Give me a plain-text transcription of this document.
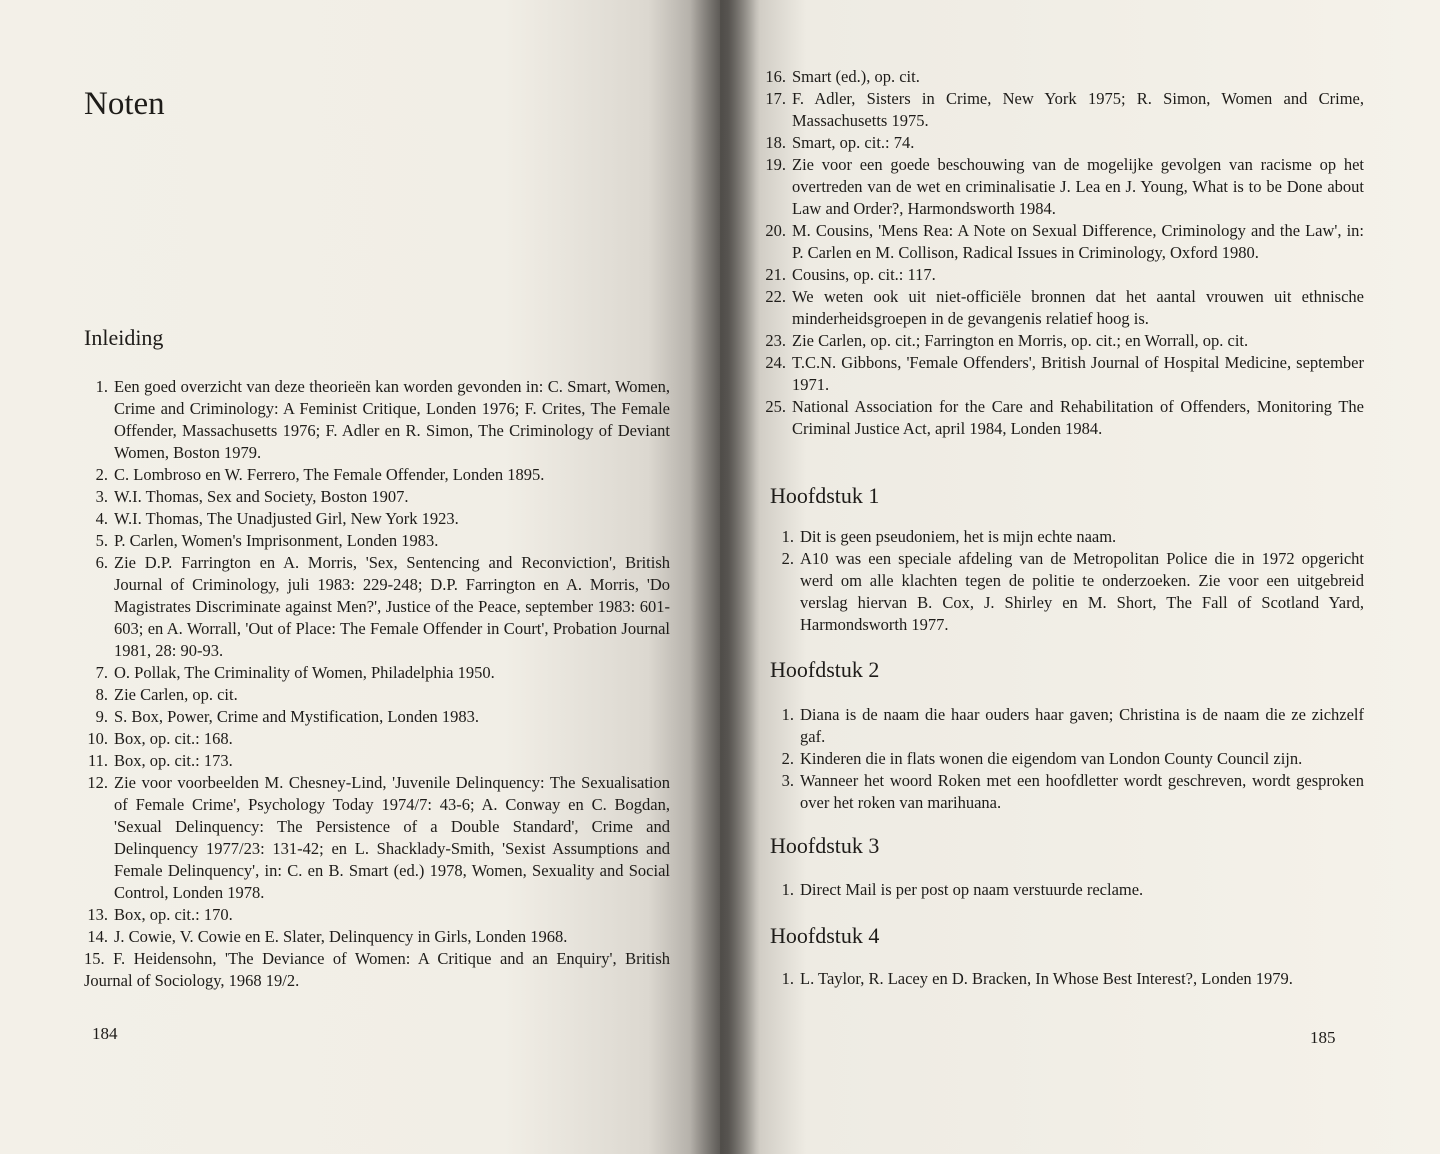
Noten
Inleiding
1. Een goed overzicht van deze theorieën kan worden gevonden in: C. Smart, Women, Crime and Criminology: A Feminist Critique, Londen 1976; F. Crites, The Female Offender, Massachusetts 1976; F. Adler en R. Simon, The Criminology of Deviant Women, Boston 1979.
2. C. Lombroso en W. Ferrero, The Female Offender, Londen 1895.
3. W.I. Thomas, Sex and Society, Boston 1907.
4. W.I. Thomas, The Unadjusted Girl, New York 1923.
5. P. Carlen, Women's Imprisonment, Londen 1983.
6. Zie D.P. Farrington en A. Morris, 'Sex, Sentencing and Reconviction', British Journal of Criminology, juli 1983: 229-248; D.P. Farrington en A. Morris, 'Do Magistrates Discriminate against Men?', Justice of the Peace, september 1983: 601-603; en A. Worrall, 'Out of Place: The Female Offender in Court', Probation Journal 1981, 28: 90-93.
7. O. Pollak, The Criminality of Women, Philadelphia 1950.
8. Zie Carlen, op. cit.
9. S. Box, Power, Crime and Mystification, Londen 1983.
10. Box, op. cit.: 168.
11. Box, op. cit.: 173.
12. Zie voor voorbeelden M. Chesney-Lind, 'Juvenile Delinquency: The Sexualisation of Female Crime', Psychology Today 1974/7: 43-6; A. Conway en C. Bogdan, 'Sexual Delinquency: The Persistence of a Double Standard', Crime and Delinquency 1977/23: 131-42; en L. Shacklady-Smith, 'Sexist Assumptions and Female Delinquency', in: C. en B. Smart (ed.) 1978, Women, Sexuality and Social Control, Londen 1978.
13. Box, op. cit.: 170.
14. J. Cowie, V. Cowie en E. Slater, Delinquency in Girls, Londen 1968.
15. F. Heidensohn, 'The Deviance of Women: A Critique and an Enquiry', British Journal of Sociology, 1968 19/2.
184
16. Smart (ed.), op. cit.
17. F. Adler, Sisters in Crime, New York 1975; R. Simon, Women and Crime, Massachusetts 1975.
18. Smart, op. cit.: 74.
19. Zie voor een goede beschouwing van de mogelijke gevolgen van racisme op het overtreden van de wet en criminalisatie J. Lea en J. Young, What is to be Done about Law and Order?, Harmondsworth 1984.
20. M. Cousins, 'Mens Rea: A Note on Sexual Difference, Criminology and the Law', in: P. Carlen en M. Collison, Radical Issues in Criminology, Oxford 1980.
21. Cousins, op. cit.: 117.
22. We weten ook uit niet-officiële bronnen dat het aantal vrouwen uit ethnische minderheidsgroepen in de gevangenis relatief hoog is.
23. Zie Carlen, op. cit.; Farrington en Morris, op. cit.; en Worrall, op. cit.
24. T.C.N. Gibbons, 'Female Offenders', British Journal of Hospital Medicine, september 1971.
25. National Association for the Care and Rehabilitation of Offenders, Monitoring The Criminal Justice Act, april 1984, Londen 1984.
Hoofdstuk 1
1. Dit is geen pseudoniem, het is mijn echte naam.
2. A10 was een speciale afdeling van de Metropolitan Police die in 1972 opgericht werd om alle klachten tegen de politie te onderzoeken. Zie voor een uitgebreid verslag hiervan B. Cox, J. Shirley en M. Short, The Fall of Scotland Yard, Harmondsworth 1977.
Hoofdstuk 2
1. Diana is de naam die haar ouders haar gaven; Christina is de naam die ze zichzelf gaf.
2. Kinderen die in flats wonen die eigendom van London County Council zijn.
3. Wanneer het woord Roken met een hoofdletter wordt geschreven, wordt gesproken over het roken van marihuana.
Hoofdstuk 3
1. Direct Mail is per post op naam verstuurde reclame.
Hoofdstuk 4
1. L. Taylor, R. Lacey en D. Bracken, In Whose Best Interest?, Londen 1979.
185
